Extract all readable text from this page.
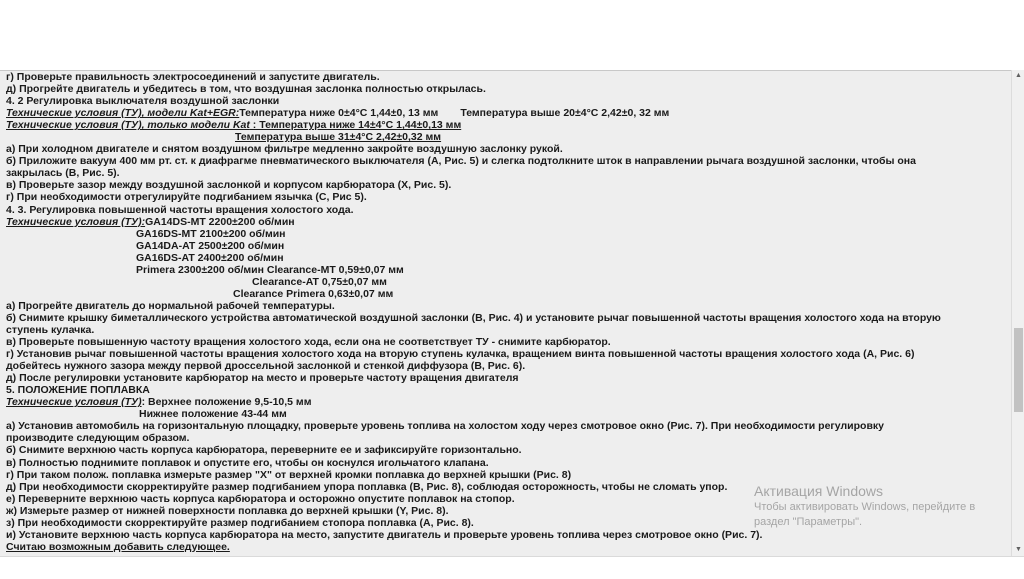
г) Проверьте правильность электросоединений и запустите двигатель.
д) Прогрейте двигатель и убедитесь в том, что воздушная заслонка полностью открылась.
4. 2 Регулировка выключателя воздушной заслонки
Технические условия (ТУ), модели Kat+EGR:Температура ниже 0±4°С 1,44±0, 13 мм Температура выше 20±4°С 2,42±0, 32 мм
Технические условия (ТУ), только модели Kat : Температура ниже 14±4°С 1,44±0,13 мм
Температура выше 31±4°С 2,42±0,32 мм
а) При холодном двигателе и снятом воздушном фильтре медленно закройте воздушную заслонку рукой.
б) Приложите вакуум 400 мм рт. ст. к диафрагме пневматического выключателя (А, Рис. 5) и слегка подтолкните шток в направлении рычага воздушной заслонки, чтобы она
закрылась (В, Рис. 5).
в) Проверьте зазор между воздушной заслонкой и корпусом карбюратора (Х, Рис. 5).
г) При необходимости отрегулируйте подгибанием язычка (С, Рис 5).
4. 3. Регулировка повышенной частоты вращения холостого хода.
Технические условия (ТУ):GA14DS-MT 2200±200 об/мин
GA16DS-MT 2100±200 об/мин
GA14DA-AT 2500±200 об/мин
GA16DS-AT 2400±200 об/мин
Primera 2300±200 об/мин Clearance-MT 0,59±0,07 мм
Clearance-AT 0,75±0,07 мм
Clearance Primera 0,63±0,07 мм
а) Прогрейте двигатель до нормальной рабочей температуры.
б) Снимите крышку биметаллического устройства автоматической воздушной заслонки (В, Рис. 4) и установите рычаг повышенной частоты вращения холостого хода на вторую
ступень кулачка.
в) Проверьте повышенную частоту вращения холостого хода, если она не соответствует ТУ - снимите карбюратор.
г) Установив рычаг повышенной частоты вращения холостого хода на вторую ступень кулачка, вращением винта повышенной частоты вращения холостого хода (А, Рис. 6)
добейтесь нужного зазора между первой дроссельной заслонкой и стенкой диффузора (В, Рис. 6).
д) После регулировки установите карбюратор на место и проверьте частоту вращения двигателя
5. ПОЛОЖЕНИЕ ПОПЛАВКА
Технические условия (ТУ): Верхнее положение 9,5-10,5 мм
Нижнее положение 43-44 мм
а) Установив автомобиль на горизонтальную площадку, проверьте уровень топлива на холостом ходу через смотровое окно (Рис. 7). При необходимости регулировку
производите следующим образом.
б) Снимите верхнюю часть корпуса карбюратора, переверните ее и зафиксируйте горизонтально.
в) Полностью поднимите поплавок и опустите его, чтобы он коснулся игольчатого клапана.
г) При таком полож. поплавка измерьте размер "Х" от верхней кромки поплавка до верхней крышки (Рис. 8)
д) При необходимости скорректируйте размер подгибанием упора поплавка (В, Рис. 8), соблюдая осторожность, чтобы не сломать упор.
е) Переверните верхнюю часть корпуса карбюратора и осторожно опустите поплавок на стопор.
ж) Измерьте размер от нижней поверхности поплавка до верхней крышки (Y, Рис. 8).
з) При необходимости скорректируйте размер подгибанием стопора поплавка (А, Рис. 8).
и) Установите верхнюю часть корпуса карбюратора на место, запустите двигатель и проверьте уровень топлива через смотровое окно (Рис. 7).
Считаю возможным добавить следующее.
▲
▼
Активация Windows
Чтобы активировать Windows, перейдите в раздел "Параметры".
